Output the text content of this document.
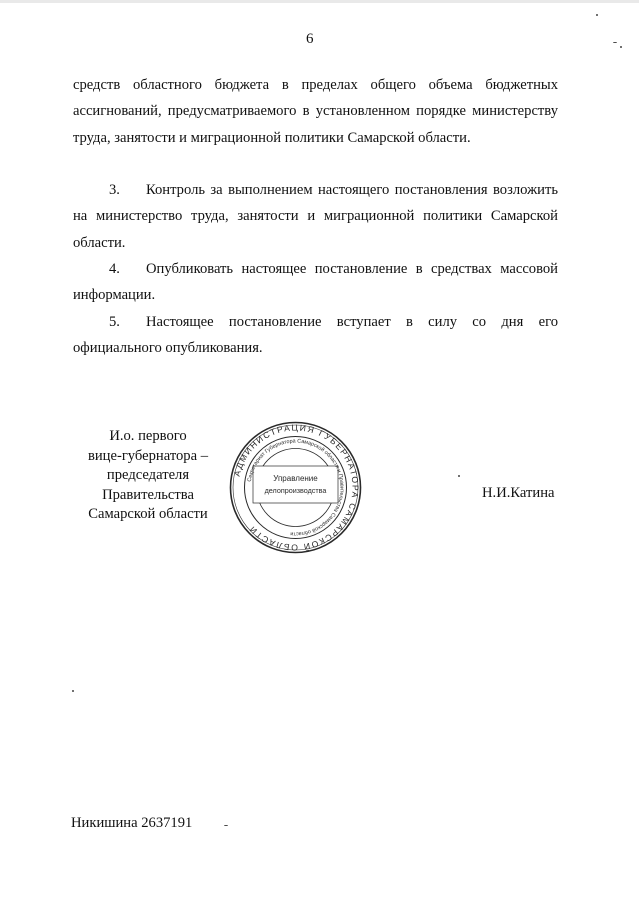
6
средств областного бюджета в пределах общего объема бюджетных ассигнований, предусматриваемого в установленном порядке министерству труда, занятости и миграционной политики Самарской области.
3. Контроль за выполнением настоящего постановления возложить на министерство труда, занятости и миграционной политики Самарской области.
4. Опубликовать настоящее постановление в средствах массовой информации.
5. Настоящее постановление вступает в силу со дня его официального опубликования.
И.о. первого
вице-губернатора –
председателя Правительства
Самарской области
АДМИНИСТРАЦИЯ ГУБЕРНАТОРА САМАРСКОЙ ОБЛАСТИ
Секретариат Губернатора Самарской области и Правительства Самарской области
Управление
делопроизводства	Н.И.Катина
Никишина 2637191
